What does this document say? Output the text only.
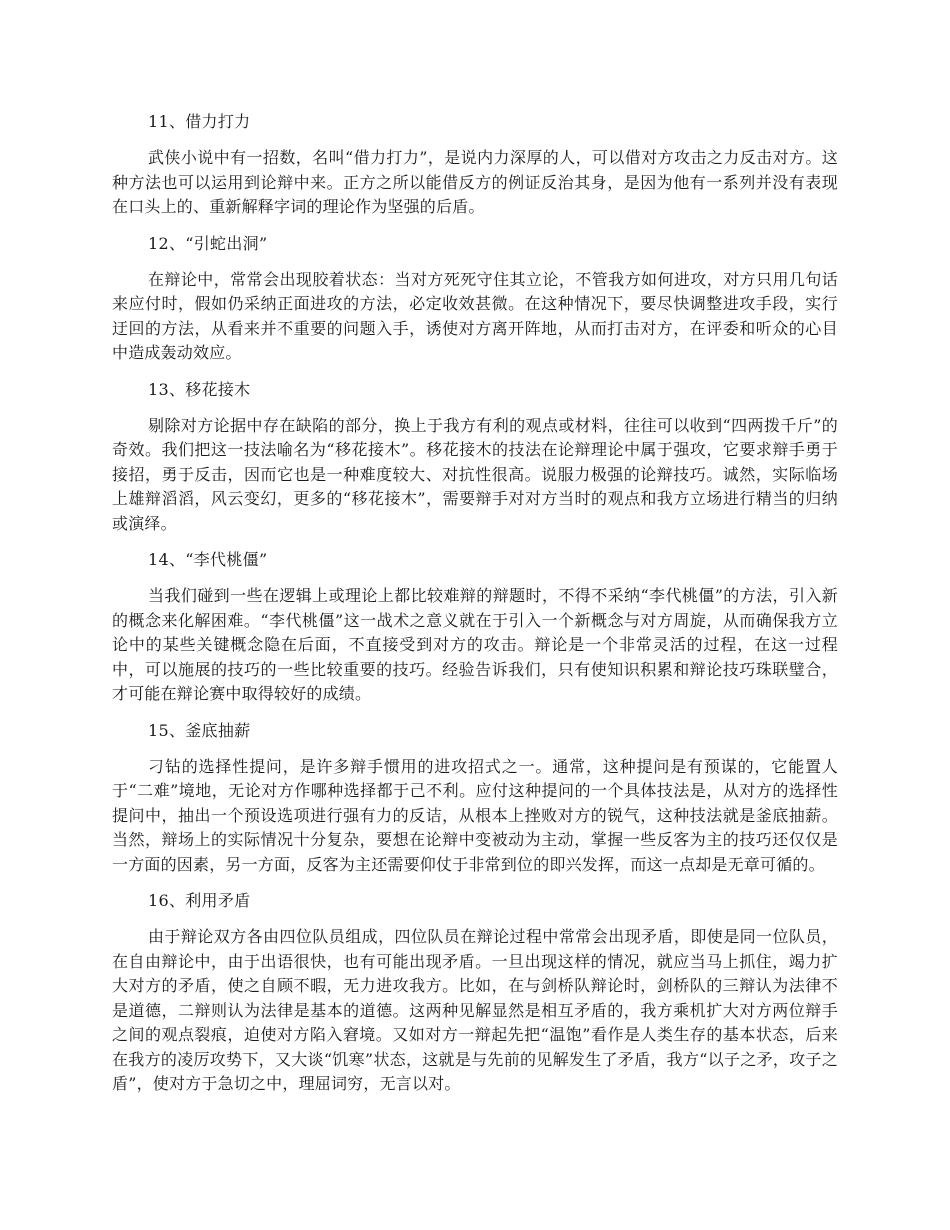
11、借力打力

武侠小说中有一招数，名叫“借力打力”，是说内力深厚的人，可以借对方攻击之力反击对方。这种方法也可以运用到论辩中来。正方之所以能借反方的例证反治其身，是因为他有一系列并没有表现在口头上的、重新解释字词的理论作为坚强的后盾。

12、“引蛇出洞”

在辩论中，常常会出现胶着状态：当对方死死守住其立论，不管我方如何进攻，对方只用几句话来应付时，假如仍采纳正面进攻的方法，必定收效甚微。在这种情况下，要尽快调整进攻手段，实行迂回的方法，从看来并不重要的问题入手，诱使对方离开阵地，从而打击对方，在评委和听众的心目中造成轰动效应。

13、移花接木

剔除对方论据中存在缺陷的部分，换上于我方有利的观点或材料，往往可以收到“四两拨千斤”的奇效。我们把这一技法喻名为“移花接木”。移花接木的技法在论辩理论中属于强攻，它要求辩手勇于接招，勇于反击，因而它也是一种难度较大、对抗性很高。说服力极强的论辩技巧。诚然，实际临场上雄辩滔滔，风云变幻，更多的“移花接木”，需要辩手对对方当时的观点和我方立场进行精当的归纳或演绎。

14、“李代桃僵”

当我们碰到一些在逻辑上或理论上都比较难辩的辩题时，不得不采纳“李代桃僵”的方法，引入新的概念来化解困难。“李代桃僵”这一战术之意义就在于引入一个新概念与对方周旋，从而确保我方立论中的某些关键概念隐在后面，不直接受到对方的攻击。辩论是一个非常灵活的过程，在这一过程中，可以施展的技巧的一些比较重要的技巧。经验告诉我们，只有使知识积累和辩论技巧珠联璧合，才可能在辩论赛中取得较好的成绩。

15、釜底抽薪

刁钻的选择性提问，是许多辩手惯用的进攻招式之一。通常，这种提问是有预谋的，它能置人于“二难”境地，无论对方作哪种选择都于己不利。应付这种提问的一个具体技法是，从对方的选择性提问中，抽出一个预设选项进行强有力的反诘，从根本上挫败对方的锐气，这种技法就是釜底抽薪。当然，辩场上的实际情况十分复杂，要想在论辩中变被动为主动，掌握一些反客为主的技巧还仅仅是一方面的因素，另一方面，反客为主还需要仰仗于非常到位的即兴发挥，而这一点却是无章可循的。

16、利用矛盾

由于辩论双方各由四位队员组成，四位队员在辩论过程中常常会出现矛盾，即使是同一位队员，在自由辩论中，由于出语很快，也有可能出现矛盾。一旦出现这样的情况，就应当马上抓住，竭力扩大对方的矛盾，使之自顾不暇，无力进攻我方。比如，在与剑桥队辩论时，剑桥队的三辩认为法律不是道德，二辩则认为法律是基本的道德。这两种见解显然是相互矛盾的，我方乘机扩大对方两位辩手之间的观点裂痕，迫使对方陷入窘境。又如对方一辩起先把“温饱”看作是人类生存的基本状态，后来在我方的凌厉攻势下，又大谈“饥寒”状态，这就是与先前的见解发生了矛盾，我方“以子之矛，攻子之盾”，使对方于急切之中，理屈词穷，无言以对。
